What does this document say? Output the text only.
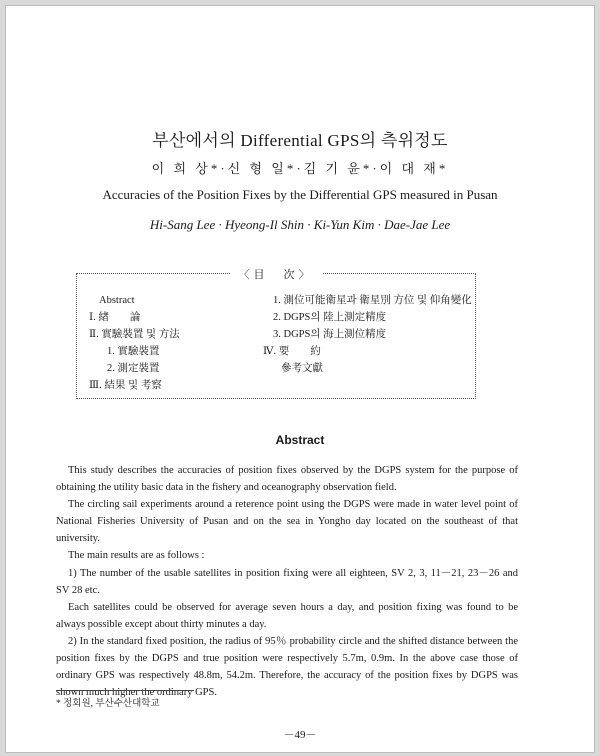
부산에서의 Differential GPS의 측위정도
이 희 상*·신 형 일*·김 기 윤*·이 대 재*
Accuracies of the Position Fixes by the Differential GPS measured in Pusan
Hi-Sang Lee · Hyeong-Il Shin · Ki-Yun Kim · Dae-Jae Lee
〈目　次〉
Abstract
Ⅰ. 緖　　論
Ⅱ. 實驗裝置 및 方法
1. 實驗裝置
2. 測定裝置
Ⅲ. 結果 및 考察
1. 測位可能衛星과 衛星別 方位 및 仰角變化
2. DGPS의 陸上測定精度
3. DGPS의 海上測位精度
Ⅳ. 要　　約
參考文獻
Abstract

This study describes the accuracies of position fixes observed by the DGPS system for the purpose of obtaining the utility basic data in the fishery and oceanography observation field.

The circling sail experiments around a reterence point using the DGPS were made in water level point of National Fisheries University of Pusan and on the sea in Yongho day located on the southeast of that university.

The main results are as follows :

1) The number of the usable satellites in position fixing were all eighteen, SV 2, 3, 11－21, 23－26 and SV 28 etc.

Each satellites could be observed for average seven hours a day, and position fixing was found to be always possible except about thirty minutes a day.

2) In the standard fixed position, the radius of 95％ probability circle and the shifted distance between the position fixes by the DGPS and true position were respectively 5.7m, 0.9m. In the above case those of ordinary GPS was respectively 48.8m, 54.2m. Therefore, the accuracy of the position fixes by DGPS was shown much higher the ordinary GPS.

* 정회원, 부산수산대학교
－49－
